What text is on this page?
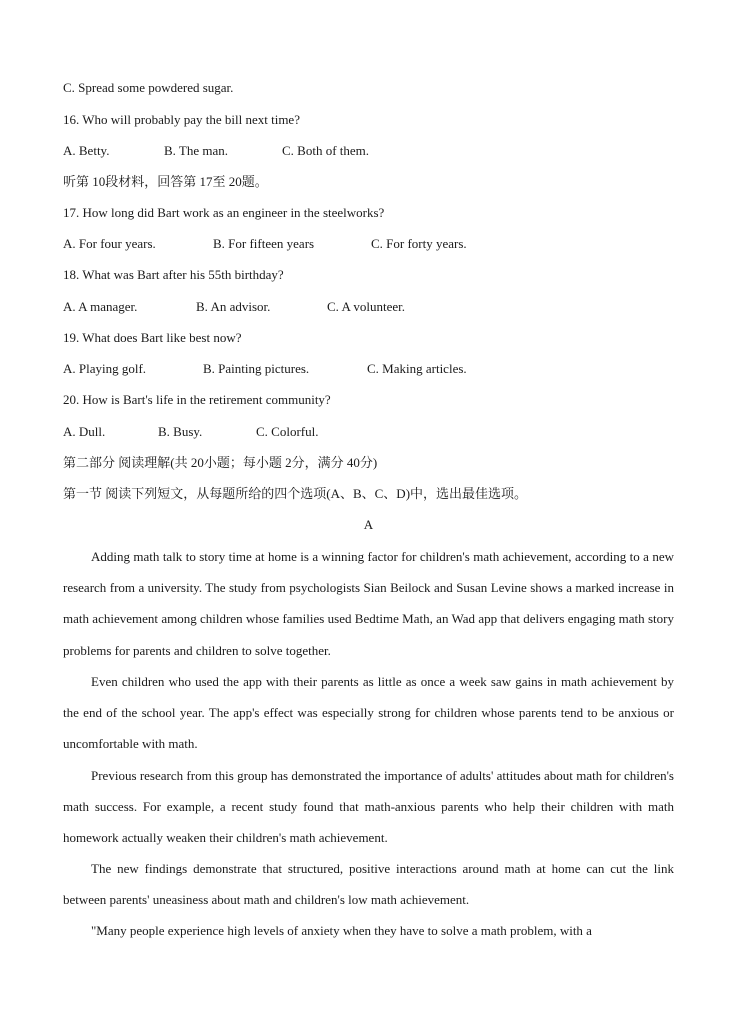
C. Spread some powdered sugar.
16. Who will probably pay the bill next time?
A. Betty.	B. The man.	C. Both of them.
听第 10段材料，回答第 17至 20题。
17. How long did Bart work as an engineer in the steelworks?
A. For four years.	B. For fifteen years	C. For forty years.
18. What was Bart after his 55th birthday?
A. A manager.	B. An advisor.	C. A volunteer.
19. What does Bart like best now?
A. Playing golf.	B. Painting pictures.	C. Making articles.
20. How is Bart's life in the retirement community?
A. Dull.	B. Busy.	C. Colorful.
第二部分 阅读理解(共 20小题；每小题 2分，满分 40分)
第一节 阅读下列短文，从每题所给的四个选项(A、B、C、D)中，选出最佳选项。
A

Adding math talk to story time at home is a winning factor for children's math achievement, according to a new research from a university. The study from psychologists Sian Beilock and Susan Levine shows a marked increase in math achievement among children whose families used Bedtime Math, an Wad app that delivers engaging math story problems for parents and children to solve together.

Even children who used the app with their parents as little as once a week saw gains in math achievement by the end of the school year. The app's effect was especially strong for children whose parents tend to be anxious or uncomfortable with math.

Previous research from this group has demonstrated the importance of adults' attitudes about math for children's math success. For example, a recent study found that math-anxious parents who help their children with math homework actually weaken their children's math achievement.

The new findings demonstrate that structured, positive interactions around math at home can cut the link between parents' uneasiness about math and children's low math achievement.

"Many people experience high levels of anxiety when they have to solve a math problem, with a
